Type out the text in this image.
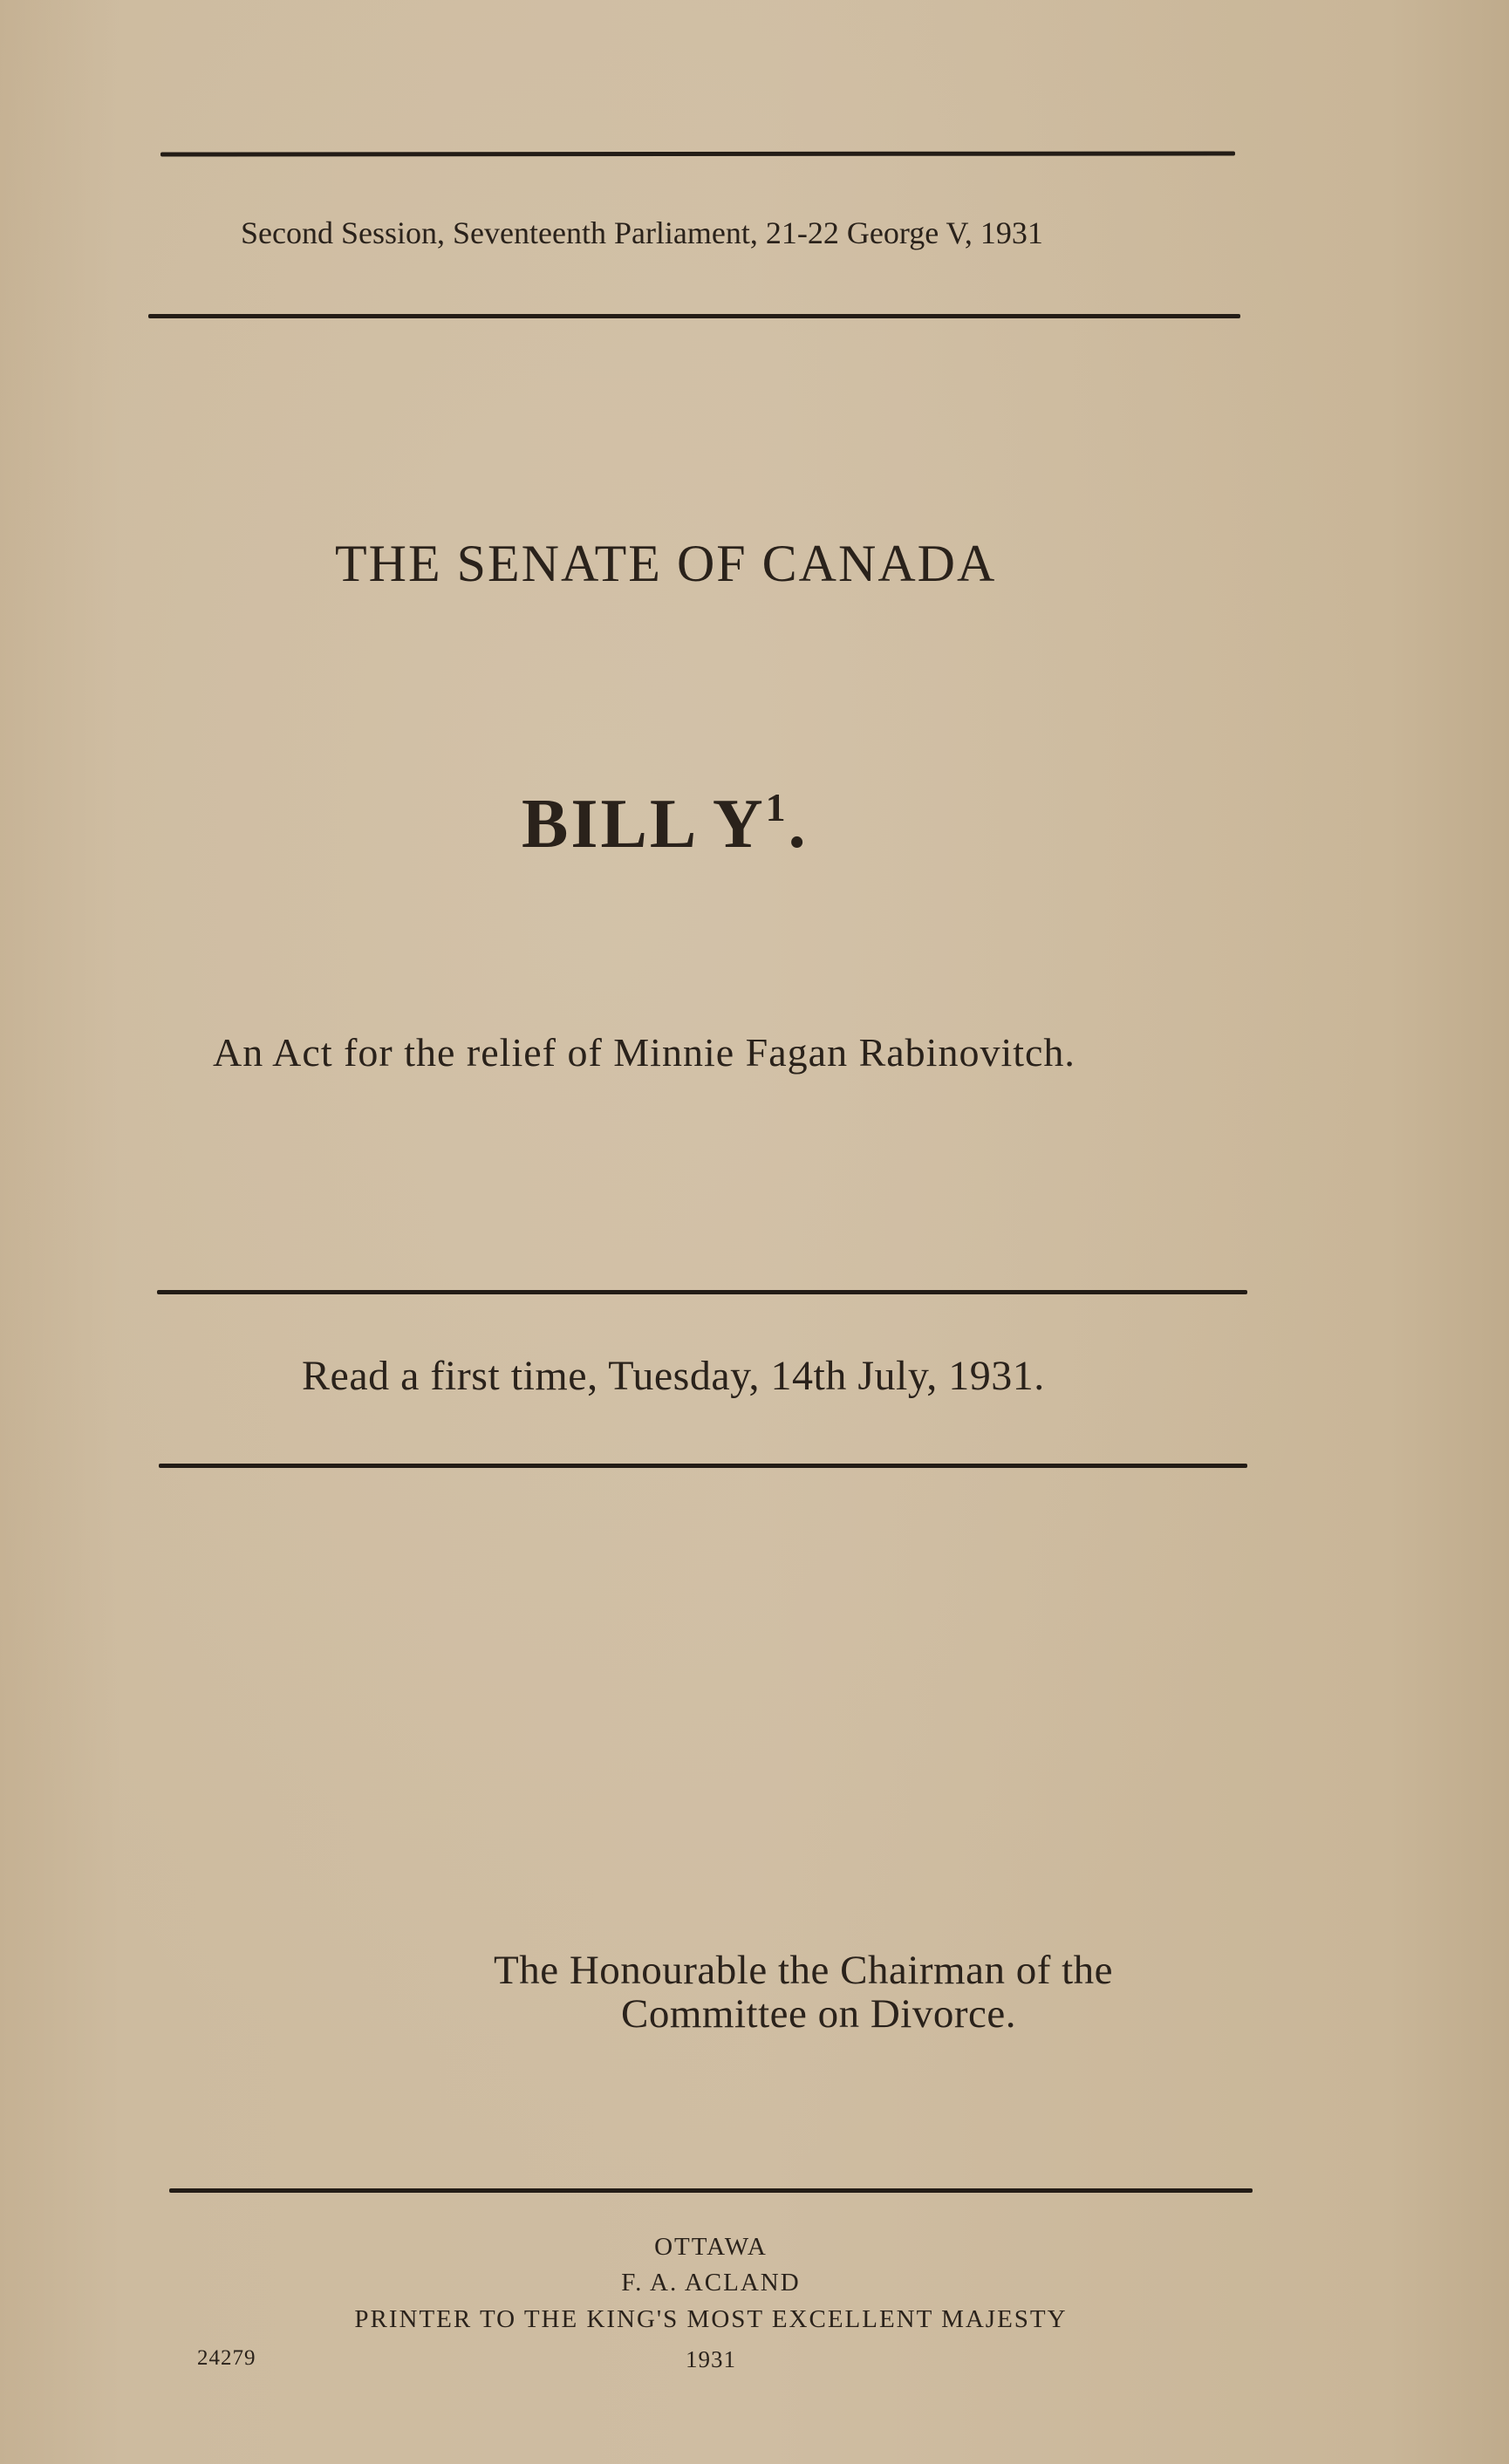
Second Session, Seventeenth Parliament, 21-22 George V, 1931
THE SENATE OF CANADA
BILL $Y^1$.
An Act for the relief of Minnie Fagan Rabinovitch.
Read a first time, Tuesday, 14th July, 1931.
The Honourable the Chairman of the
Committee on Divorce.
OTTAWA
F. A. ACLAND
PRINTER TO THE KING'S MOST EXCELLENT MAJESTY
1931
24279
